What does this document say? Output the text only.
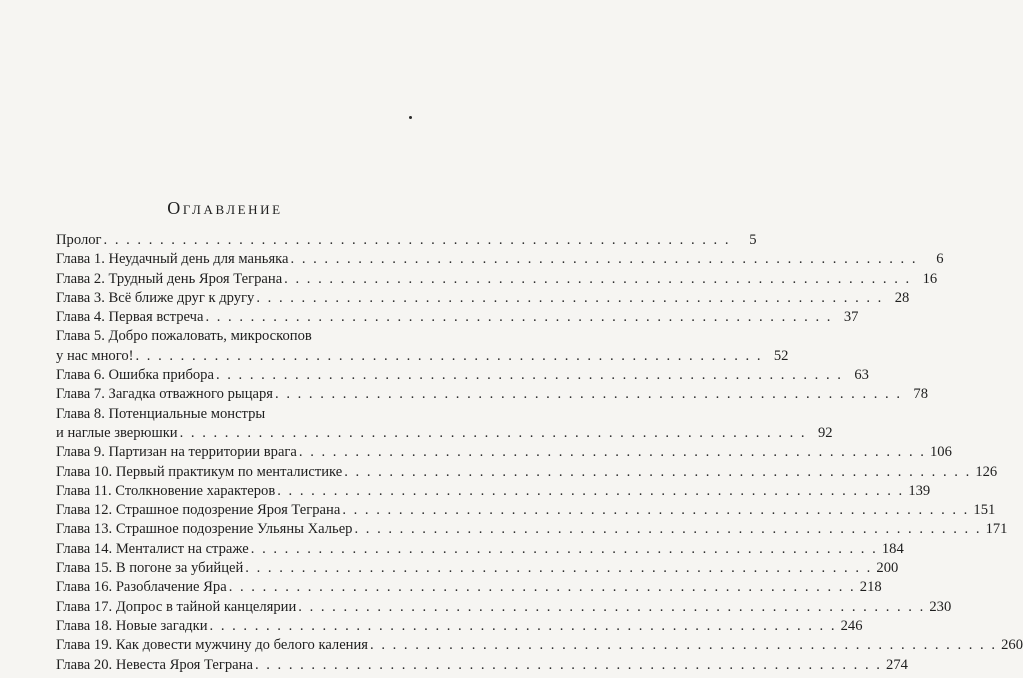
Оглавление
Пролог . . . . . . . . . . . . . . . . . . . . . . . . . . . . . . . . . . . . . . . . . . . . . . . . . . . . . . . .	5
Глава 1. Неудачный день для маньяка . . . . . . . . . . . . . . . . . . . . . . . . . . . . . . . . . . . . . . . . . . . . . . . . . . . . . . . .	6
Глава 2. Трудный день Яроя Теграна . . . . . . . . . . . . . . . . . . . . . . . . . . . . . . . . . . . . . . . . . . . . . . . . . . . . . . . . 16
Глава 3. Всё ближе друг к другу . . . . . . . . . . . . . . . . . . . . . . . . . . . . . . . . . . . . . . . . . . . . . . . . . . . . . . . . 28
Глава 4. Первая встреча . . . . . . . . . . . . . . . . . . . . . . . . . . . . . . . . . . . . . . . . . . . . . . . . . . . . . . . . 37
Глава 5. Добро пожаловать, микроскопов
у нас много! . . . . . . . . . . . . . . . . . . . . . . . . . . . . . . . . . . . . . . . . . . . . . . . . . . . . . . . . 52
Глава 6. Ошибка прибора . . . . . . . . . . . . . . . . . . . . . . . . . . . . . . . . . . . . . . . . . . . . . . . . . . . . . . . . 63
Глава 7. Загадка отважного рыцаря . . . . . . . . . . . . . . . . . . . . . . . . . . . . . . . . . . . . . . . . . . . . . . . . . . . . . . . . 78
Глава 8. Потенциальные монстры
и наглые зверюшки . . . . . . . . . . . . . . . . . . . . . . . . . . . . . . . . . . . . . . . . . . . . . . . . . . . . . . . . 92
Глава 9. Партизан на территории врага . . . . . . . . . . . . . . . . . . . . . . . . . . . . . . . . . . . . . . . . . . . . . . . . . . . . . . . . 106
Глава 10. Первый практикум по менталистике . . . . . . . . . . . . . . . . . . . . . . . . . . . . . . . . . . . . . . . . . . . . . . . . . . . . . . . . 126
Глава 11. Столкновение характеров . . . . . . . . . . . . . . . . . . . . . . . . . . . . . . . . . . . . . . . . . . . . . . . . . . . . . . . . 139
Глава 12. Страшное подозрение Яроя Теграна . . . . . . . . . . . . . . . . . . . . . . . . . . . . . . . . . . . . . . . . . . . . . . . . . . . . . . . . 151
Глава 13. Страшное подозрение Ульяны Хальер . . . . . . . . . . . . . . . . . . . . . . . . . . . . . . . . . . . . . . . . . . . . . . . . . . . . . . . . 171
Глава 14. Менталист на страже . . . . . . . . . . . . . . . . . . . . . . . . . . . . . . . . . . . . . . . . . . . . . . . . . . . . . . . . 184
Глава 15. В погоне за убийцей . . . . . . . . . . . . . . . . . . . . . . . . . . . . . . . . . . . . . . . . . . . . . . . . . . . . . . . . 200
Глава 16. Разоблачение Яра . . . . . . . . . . . . . . . . . . . . . . . . . . . . . . . . . . . . . . . . . . . . . . . . . . . . . . . . 218
Глава 17. Допрос в тайной канцелярии . . . . . . . . . . . . . . . . . . . . . . . . . . . . . . . . . . . . . . . . . . . . . . . . . . . . . . . . 230
Глава 18. Новые загадки . . . . . . . . . . . . . . . . . . . . . . . . . . . . . . . . . . . . . . . . . . . . . . . . . . . . . . . . 246
Глава 19. Как довести мужчину до белого каления . . . . . . . . . . . . . . . . . . . . . . . . . . . . . . . . . . . . . . . . . . . . . . . . . . . . . . . . 260
Глава 20. Невеста Яроя Теграна . . . . . . . . . . . . . . . . . . . . . . . . . . . . . . . . . . . . . . . . . . . . . . . . . . . . . . . . 274
